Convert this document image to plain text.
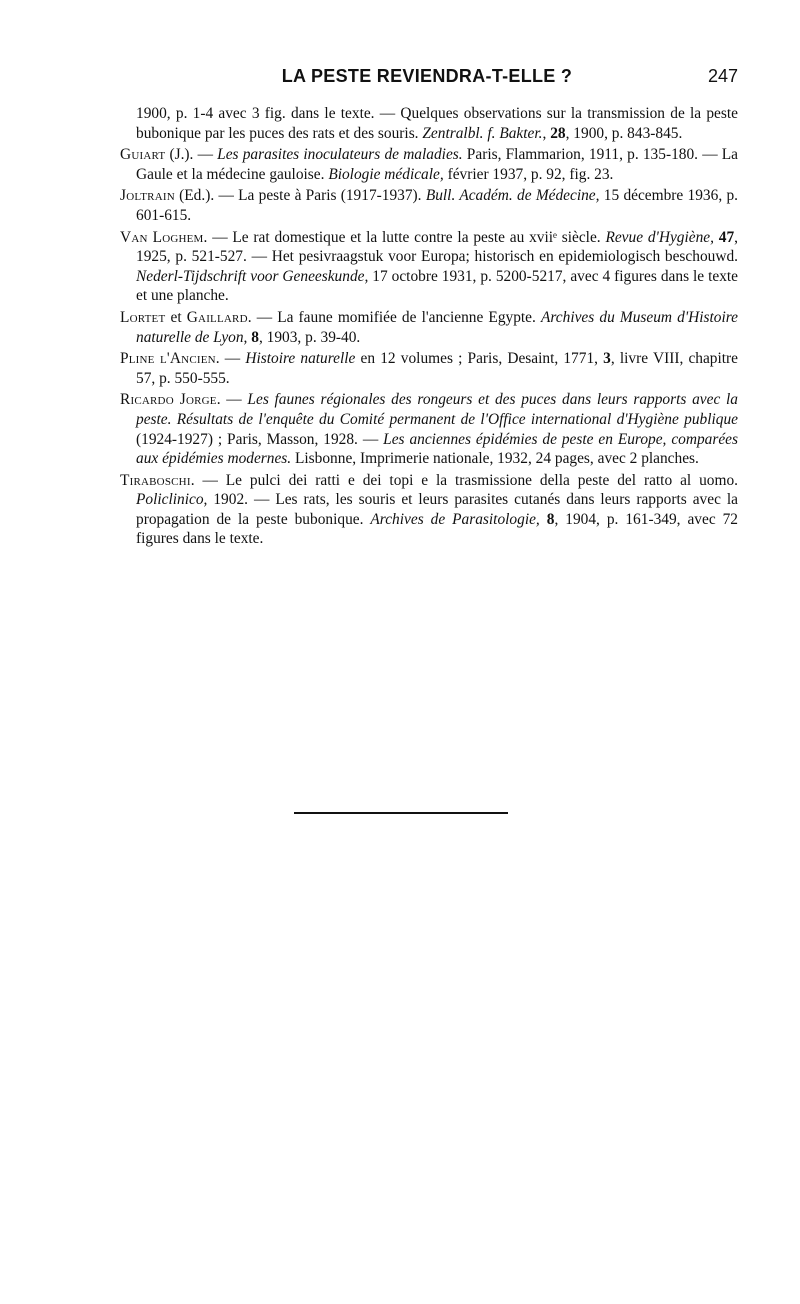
LA PESTE REVIENDRA-T-ELLE ?	247

1900, p. 1-4 avec 3 fig. dans le texte. — Quelques observations sur la transmission de la peste bubonique par les puces des rats et des souris. Zentralbl. f. Bakter., 28, 1900, p. 843-845.

Guiart (J.). — Les parasites inoculateurs de maladies. Paris, Flammarion, 1911, p. 135-180. — La Gaule et la médecine gauloise. Biologie médicale, février 1937, p. 92, fig. 23.

Joltrain (Ed.). — La peste à Paris (1917-1937). Bull. Académ. de Médecine, 15 décembre 1936, p. 601-615.

Van Loghem. — Le rat domestique et la lutte contre la peste au xviiᵉ siècle. Revue d'Hygiène, 47, 1925, p. 521-527. — Het pesivraagstuk voor Europa; historisch en epidemiologisch beschouwd. Nederl-Tijdschrift voor Geneeskunde, 17 octobre 1931, p. 5200-5217, avec 4 figures dans le texte et une planche.

Lortet et Gaillard. — La faune momifiée de l'ancienne Egypte. Archives du Museum d'Histoire naturelle de Lyon, 8, 1903, p. 39-40.

Pline l'Ancien. — Histoire naturelle en 12 volumes ; Paris, Desaint, 1771, 3, livre VIII, chapitre 57, p. 550-555.

Ricardo Jorge. — Les faunes régionales des rongeurs et des puces dans leurs rapports avec la peste. Résultats de l'enquête du Comité permanent de l'Office international d'Hygiène publique (1924-1927) ; Paris, Masson, 1928. — Les anciennes épidémies de peste en Europe, comparées aux épidémies modernes. Lisbonne, Imprimerie nationale, 1932, 24 pages, avec 2 planches.

Tiraboschi. — Le pulci dei ratti e dei topi e la trasmissione della peste del ratto al uomo. Policlinico, 1902. — Les rats, les souris et leurs parasites cutanés dans leurs rapports avec la propagation de la peste bubonique. Archives de Parasitologie, 8, 1904, p. 161-349, avec 72 figures dans le texte.
